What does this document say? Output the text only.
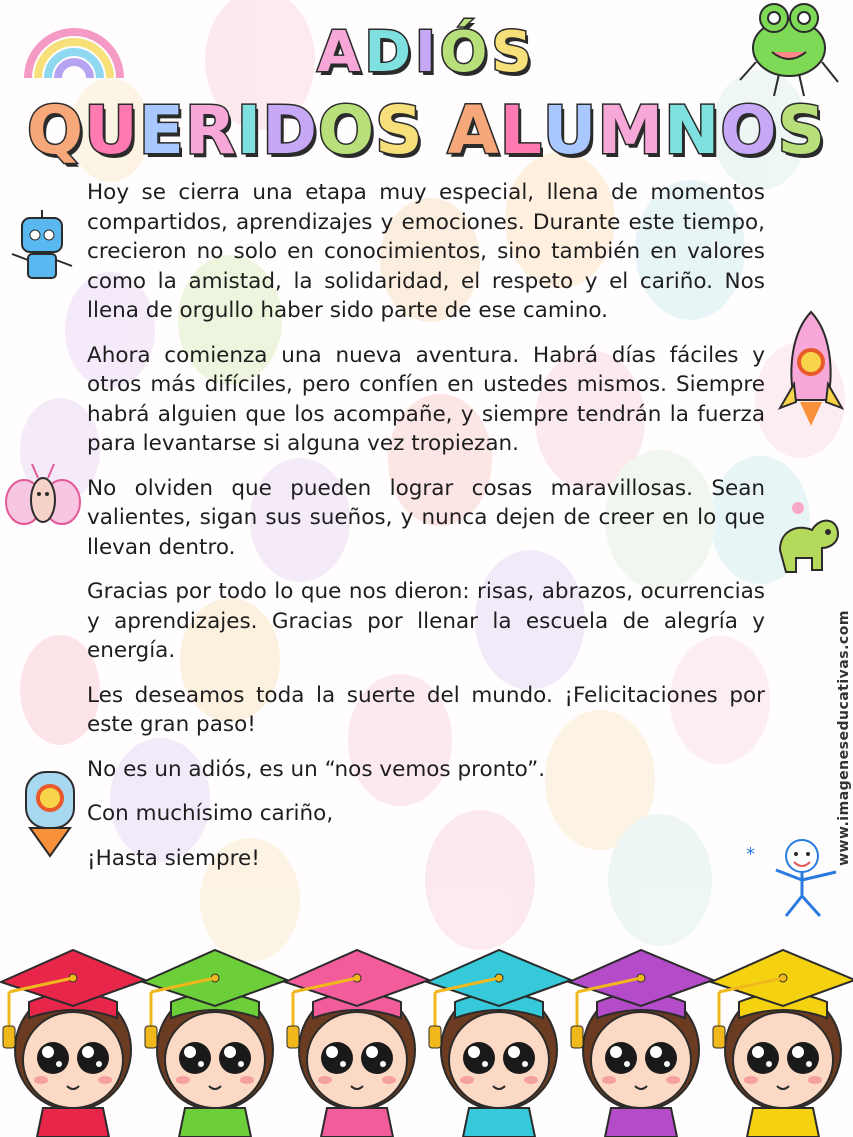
*
ADIÓS
QUERIDOS ALUMNOS

Hoy se cierra una etapa muy especial, llena de momentos compartidos, aprendizajes y emociones. Durante este tiempo, crecieron no solo en conocimientos, sino también en valores como la amistad, la solidaridad, el respeto y el cariño. Nos llena de orgullo haber sido parte de ese camino.

Ahora comienza una nueva aventura. Habrá días fáciles y otros más difíciles, pero confíen en ustedes mismos. Siempre habrá alguien que los acompañe, y siempre tendrán la fuerza para levantarse si alguna vez tropiezan.

No olviden que pueden lograr cosas maravillosas. Sean valientes, sigan sus sueños, y nunca dejen de creer en lo que llevan dentro.

Gracias por todo lo que nos dieron: risas, abrazos, ocurrencias y aprendizajes. Gracias por llenar la escuela de alegría y energía.

Les deseamos toda la suerte del mundo. ¡Felicitaciones por este gran paso!

No es un adiós, es un “nos vemos pronto”.

Con muchísimo cariño,

¡Hasta siempre!	www.imageneseducativas.com
